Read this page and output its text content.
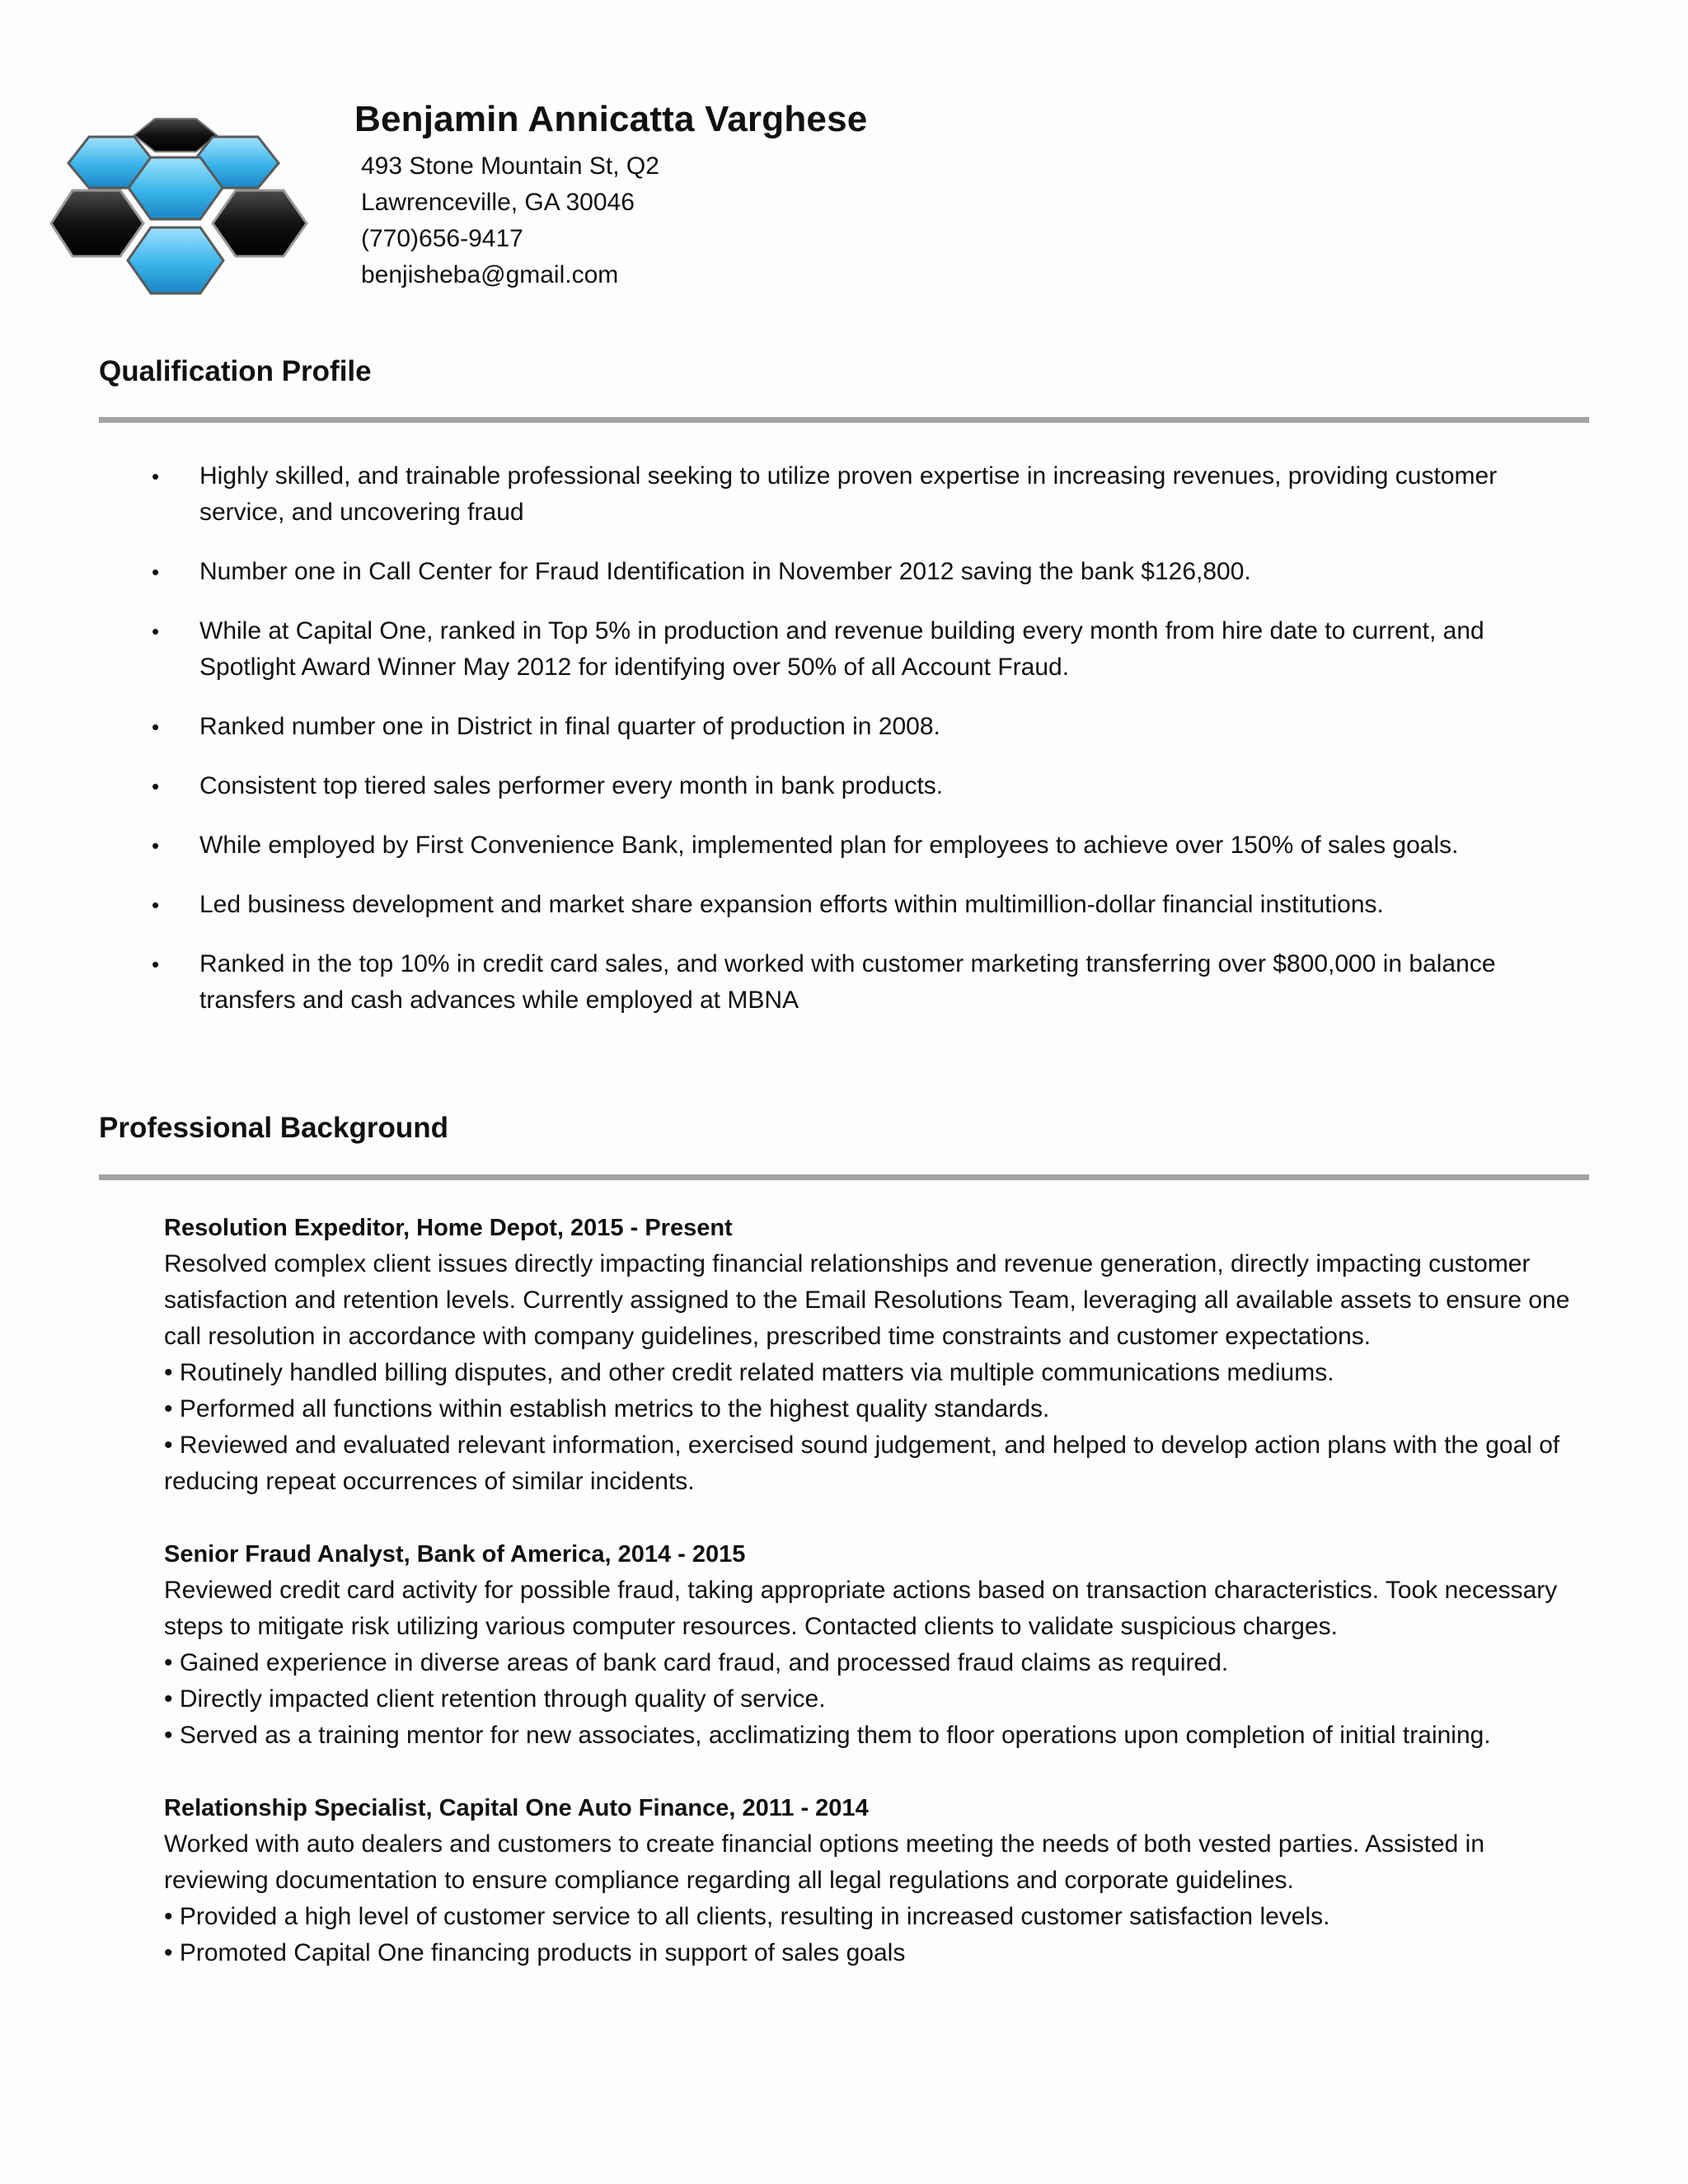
Benjamin Annicatta Varghese
493 Stone Mountain St, Q2
Lawrenceville, GA 30046
(770)656-9417
benjisheba@gmail.com
Qualification Profile
• Highly skilled, and trainable professional seeking to utilize proven expertise in increasing revenues, providing customer service, and uncovering fraud
• Number one in Call Center for Fraud Identification in November 2012 saving the bank $126,800.
• While at Capital One, ranked in Top 5% in production and revenue building every month from hire date to current, and Spotlight Award Winner May 2012 for identifying over 50% of all Account Fraud.
• Ranked number one in District in final quarter of production in 2008.
• Consistent top tiered sales performer every month in bank products.
• While employed by First Convenience Bank, implemented plan for employees to achieve over 150% of sales goals.
• Led business development and market share expansion efforts within multimillion-dollar financial institutions.
• Ranked in the top 10% in credit card sales, and worked with customer marketing transferring over $800,000 in balance transfers and cash advances while employed at MBNA
Professional Background
Resolution Expeditor, Home Depot, 2015 - Present

Resolved complex client issues directly impacting financial relationships and revenue generation, directly impacting customer satisfaction and retention levels. Currently assigned to the Email Resolutions Team, leveraging all available assets to ensure one call resolution in accordance with company guidelines, prescribed time constraints and customer expectations.

• Routinely handled billing disputes, and other credit related matters via multiple communications mediums.
• Performed all functions within establish metrics to the highest quality standards.
• Reviewed and evaluated relevant information, exercised sound judgement, and helped to develop action plans with the goal of reducing repeat occurrences of similar incidents.
Senior Fraud Analyst, Bank of America, 2014 - 2015

Reviewed credit card activity for possible fraud, taking appropriate actions based on transaction characteristics. Took necessary steps to mitigate risk utilizing various computer resources. Contacted clients to validate suspicious charges.

• Gained experience in diverse areas of bank card fraud, and processed fraud claims as required.
• Directly impacted client retention through quality of service.
• Served as a training mentor for new associates, acclimatizing them to floor operations upon completion of initial training.
Relationship Specialist, Capital One Auto Finance, 2011 - 2014

Worked with auto dealers and customers to create financial options meeting the needs of both vested parties. Assisted in reviewing documentation to ensure compliance regarding all legal regulations and corporate guidelines.

• Provided a high level of customer service to all clients, resulting in increased customer satisfaction levels.
• Promoted Capital One financing products in support of sales goals
